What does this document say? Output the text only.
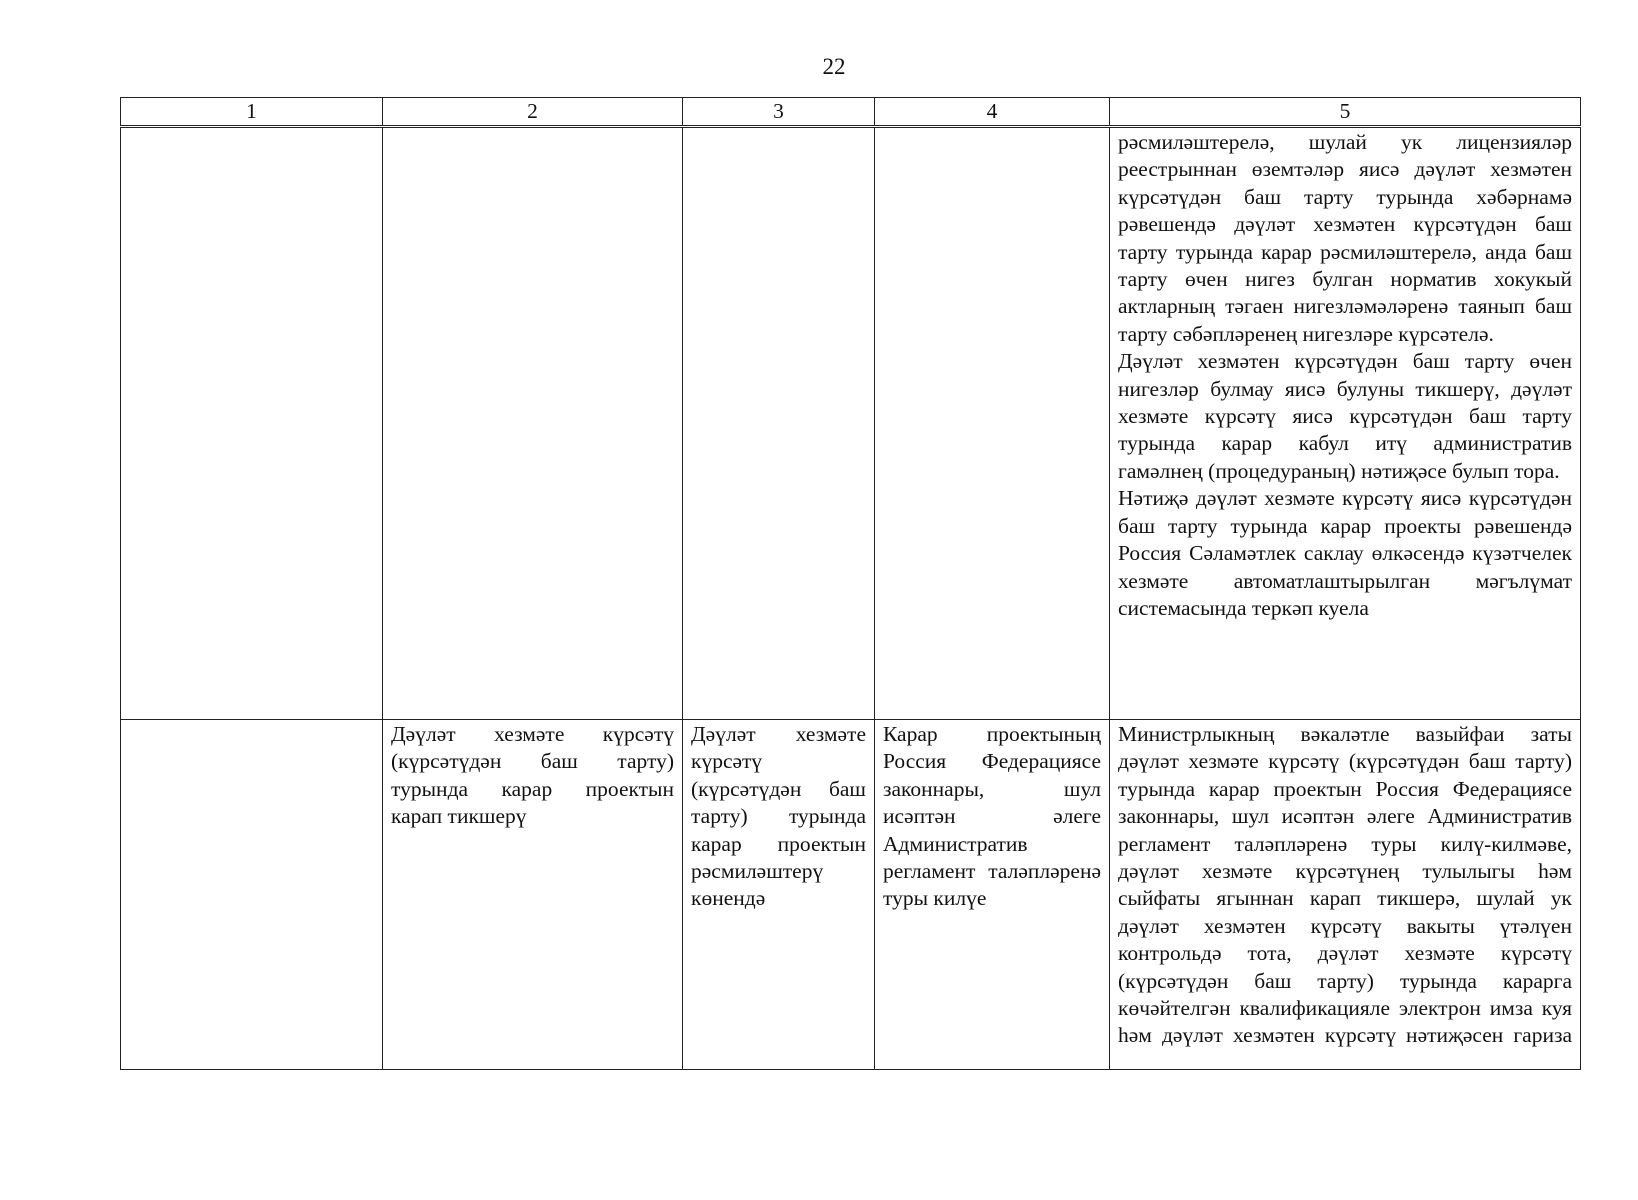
22
1	2	3	4	5

				рәсмиләштерелә, шулай ук лицензияләр реестрыннан өземтәләр яисә дәүләт хезмәтен күрсәтүдән баш тарту турында хәбәрнамә рәвешендә дәүләт хезмәтен күрсәтүдән баш тарту турында карар рәсмиләштерелә, анда баш тарту өчен нигез булган норматив хокукый актларның тәгаен нигезләмәләренә таянып баш тарту сәбәпләренең нигезләре күрсәтелә.

Дәүләт хезмәтен күрсәтүдән баш тарту өчен нигезләр булмау яисә булуны тикшерү, дәүләт хезмәте күрсәтү яисә күрсәтүдән баш тарту турында карар кабул итү административ гамәлнең (процедураның) нәтиҗәсе булып тора.

Нәтиҗә дәүләт хезмәте күрсәтү яисә күрсәтүдән баш тарту турында карар проекты рәвешендә Россия Сәламәтлек саклау өлкәсендә күзәтчелек хезмәте автоматлаштырылган мәгълүмат системасында теркәп куела

	Дәүләт хезмәте күрсәтү (күрсәтүдән баш тарту) турында карар проектын карап тикшерү	Дәүләт хезмәте күрсәтү (күрсәтүдән баш тарту) турында карар проектын рәсмиләштерү көнендә	Карар проектының Россия Федерациясе законнары, шул исәптән әлеге Административ регламент таләпләренә туры килүе	Министрлыкның вәкаләтле вазыйфаи заты дәүләт хезмәте күрсәтү (күрсәтүдән баш тарту) турында карар проектын Россия Федерациясе законнары, шул исәптән әлеге Административ регламент таләпләренә туры килү-килмәве, дәүләт хезмәте күрсәтүнең тулылыгы һәм сыйфаты ягыннан карап тикшерә, шулай ук дәүләт хезмәтен күрсәтү вакыты үтәлүен контрольдә тота, дәүләт хезмәте күрсәтү (күрсәтүдән баш тарту) турында карарга көчәйтелгән квалификацияле электрон имза куя һәм дәүләт хезмәтен күрсәтү нәтиҗәсен гариза
